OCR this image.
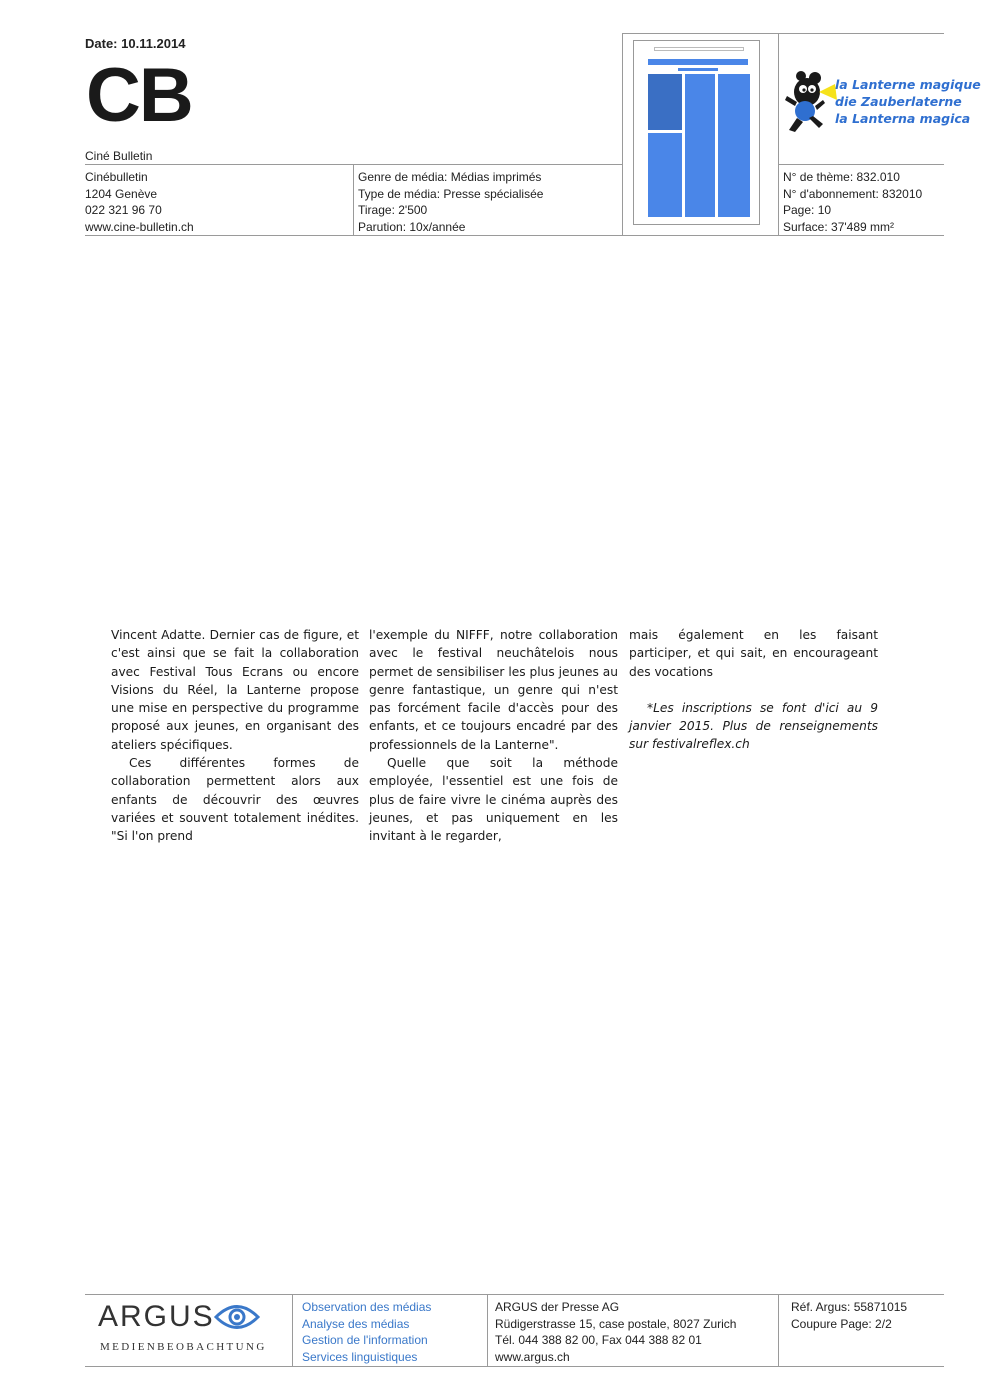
Date: 10.11.2014
CB
Ciné Bulletin
Cinébulletin
1204 Genève
022 321 96 70
www.cine-bulletin.ch
Genre de média: Médias imprimés
Type de média: Presse spécialisée
Tirage: 2'500
Parution: 10x/année
N° de thème: 832.010
N° d'abonnement: 832010
Page: 10
Surface: 37'489 mm²
la Lanterne magique
die Zauberlaterne
la Lanterna magica

Vincent Adatte. Dernier cas de figure, et c'est ainsi que se fait la collaboration avec Festival Tous Ecrans ou encore Visions du Réel, la Lanterne propose une mise en perspective du programme proposé aux jeunes, en organisant des ateliers spécifiques.

Ces différentes formes de collaboration permettent alors aux enfants de découvrir des œuvres variées et souvent totalement inédites. "Si l'on prend

l'exemple du NIFFF, notre collaboration avec le festival neuchâtelois nous permet de sensibiliser les plus jeunes au genre fantastique, un genre qui n'est pas forcément facile d'accès pour des enfants, et ce toujours encadré par des professionnels de la Lanterne".

Quelle que soit la méthode employée, l'essentiel est une fois de plus de faire vivre le cinéma auprès des jeunes, et pas uniquement en les invitant à le regarder,

mais également en les faisant participer, et qui sait, en encourageant des vocations

*Les inscriptions se font d'ici au 9 janvier 2015. Plus de renseignements sur festivalreflex.ch

ARGUS
MEDIENBEOBACHTUNG
Observation des médias
Analyse des médias
Gestion de l'information
Services linguistiques
ARGUS der Presse AG
Rüdigerstrasse 15, case postale, 8027 Zurich
Tél. 044 388 82 00, Fax 044 388 82 01
www.argus.ch
Réf. Argus: 55871015
Coupure Page: 2/2
